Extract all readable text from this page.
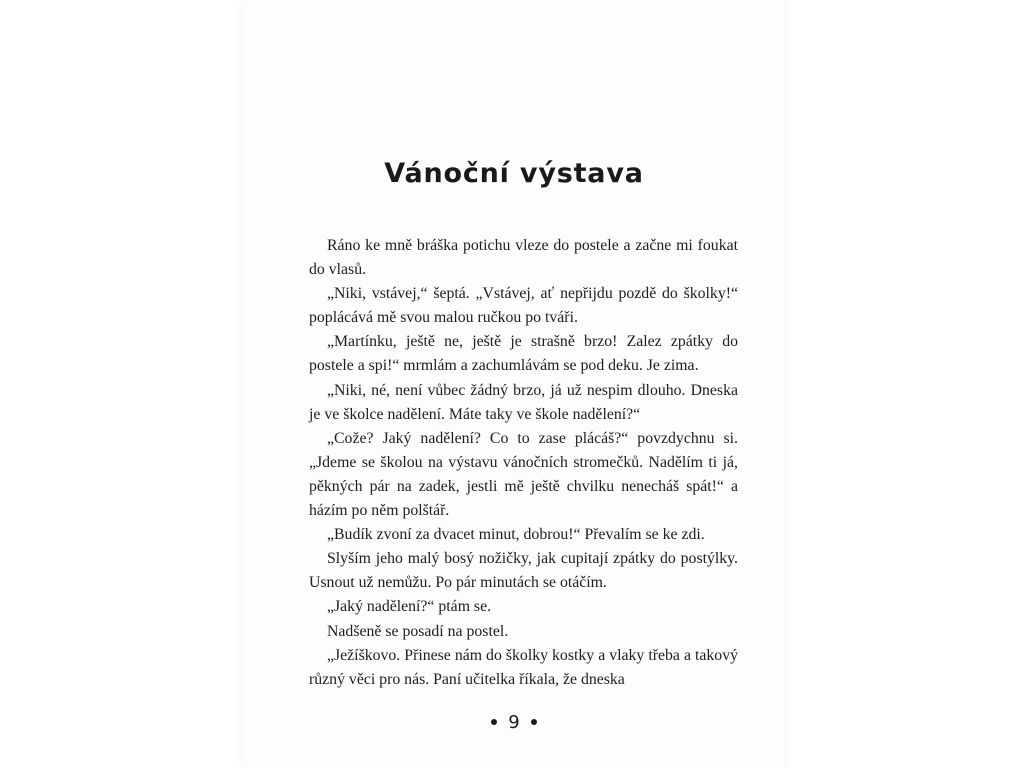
Vánoční výstava

Ráno ke mně bráška potichu vleze do postele a začne mi foukat do vlasů.

„Niki, vstávej,“ šeptá. „Vstávej, ať nepřijdu pozdě do školky!“ poplácává mě svou malou ručkou po tváři.

„Martínku, ještě ne, ještě je strašně brzo! Zalez zpátky do postele a spi!“ mrmlám a zachumlávám se pod deku. Je zima.

„Niki, né, není vůbec žádný brzo, já už nespim dlouho. Dneska je ve školce nadělení. Máte taky ve škole nadělení?“

„Cože? Jaký nadělení? Co to zase plácáš?“ povzdychnu si. „Jdeme se školou na výstavu vánočních stromečků. Nadělím ti já, pěkných pár na zadek, jestli mě ještě chvilku nenecháš spát!“ a házím po něm polštář.

„Budík zvoní za dvacet minut, dobrou!“ Převalím se ke zdi.

Slyším jeho malý bosý nožičky, jak cupitají zpátky do postýlky. Usnout už nemůžu. Po pár minutách se otáčím.

„Jaký nadělení?“ ptám se.

Nadšeně se posadí na postel.

„Ježíškovo. Přinese nám do školky kostky a vlaky třeba a takový různý věci pro nás. Paní učitelka říkala, že dneska

9
